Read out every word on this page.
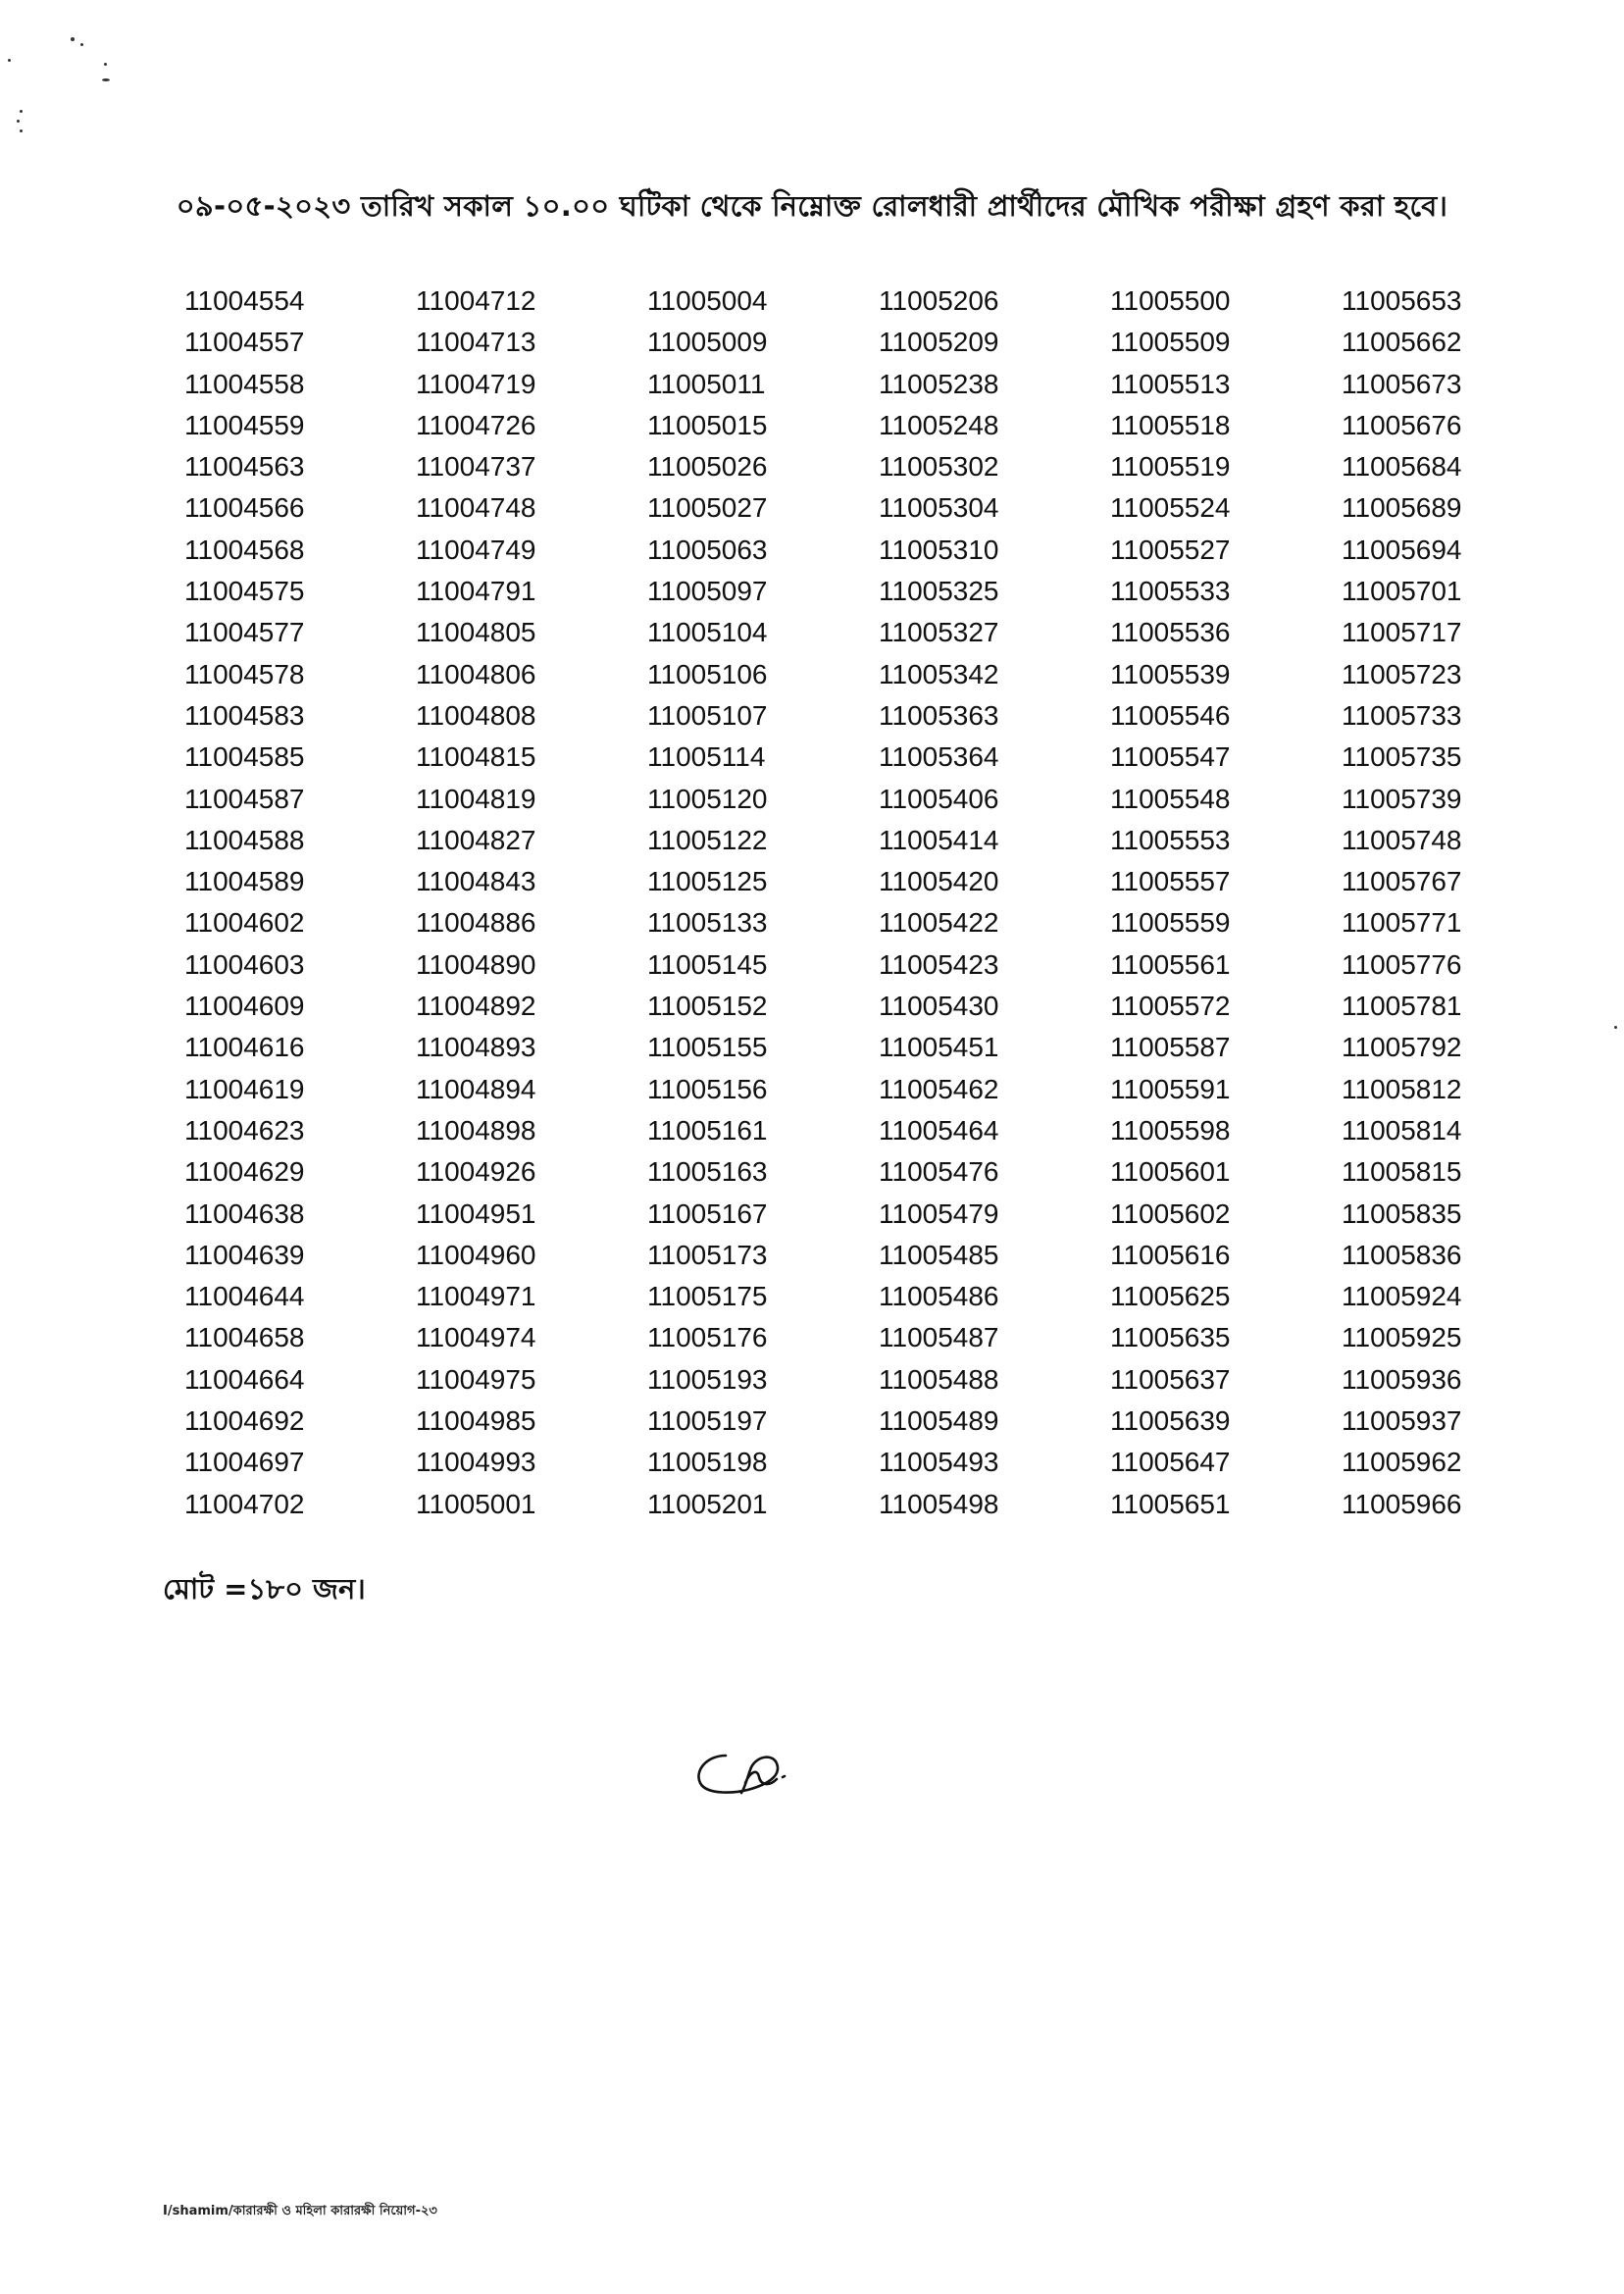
০৯-০৫-২০২৩ তারিখ সকাল ১০.০০ ঘটিকা থেকে নিম্নোক্ত রোলধারী প্রার্থীদের মৌখিক পরীক্ষা গ্রহণ করা হবে।
11004554
11004557
11004558
11004559
11004563
11004566
11004568
11004575
11004577
11004578
11004583
11004585
11004587
11004588
11004589
11004602
11004603
11004609
11004616
11004619
11004623
11004629
11004638
11004639
11004644
11004658
11004664
11004692
11004697
11004702
11004712
11004713
11004719
11004726
11004737
11004748
11004749
11004791
11004805
11004806
11004808
11004815
11004819
11004827
11004843
11004886
11004890
11004892
11004893
11004894
11004898
11004926
11004951
11004960
11004971
11004974
11004975
11004985
11004993
11005001
11005004
11005009
11005011
11005015
11005026
11005027
11005063
11005097
11005104
11005106
11005107
11005114
11005120
11005122
11005125
11005133
11005145
11005152
11005155
11005156
11005161
11005163
11005167
11005173
11005175
11005176
11005193
11005197
11005198
11005201
11005206
11005209
11005238
11005248
11005302
11005304
11005310
11005325
11005327
11005342
11005363
11005364
11005406
11005414
11005420
11005422
11005423
11005430
11005451
11005462
11005464
11005476
11005479
11005485
11005486
11005487
11005488
11005489
11005493
11005498
11005500
11005509
11005513
11005518
11005519
11005524
11005527
11005533
11005536
11005539
11005546
11005547
11005548
11005553
11005557
11005559
11005561
11005572
11005587
11005591
11005598
11005601
11005602
11005616
11005625
11005635
11005637
11005639
11005647
11005651
11005653
11005662
11005673
11005676
11005684
11005689
11005694
11005701
11005717
11005723
11005733
11005735
11005739
11005748
11005767
11005771
11005776
11005781
11005792
11005812
11005814
11005815
11005835
11005836
11005924
11005925
11005936
11005937
11005962
11005966
মোট =১৮০ জন।
I/shamim/কারারক্ষী ও মহিলা কারারক্ষী নিয়োগ-২৩
